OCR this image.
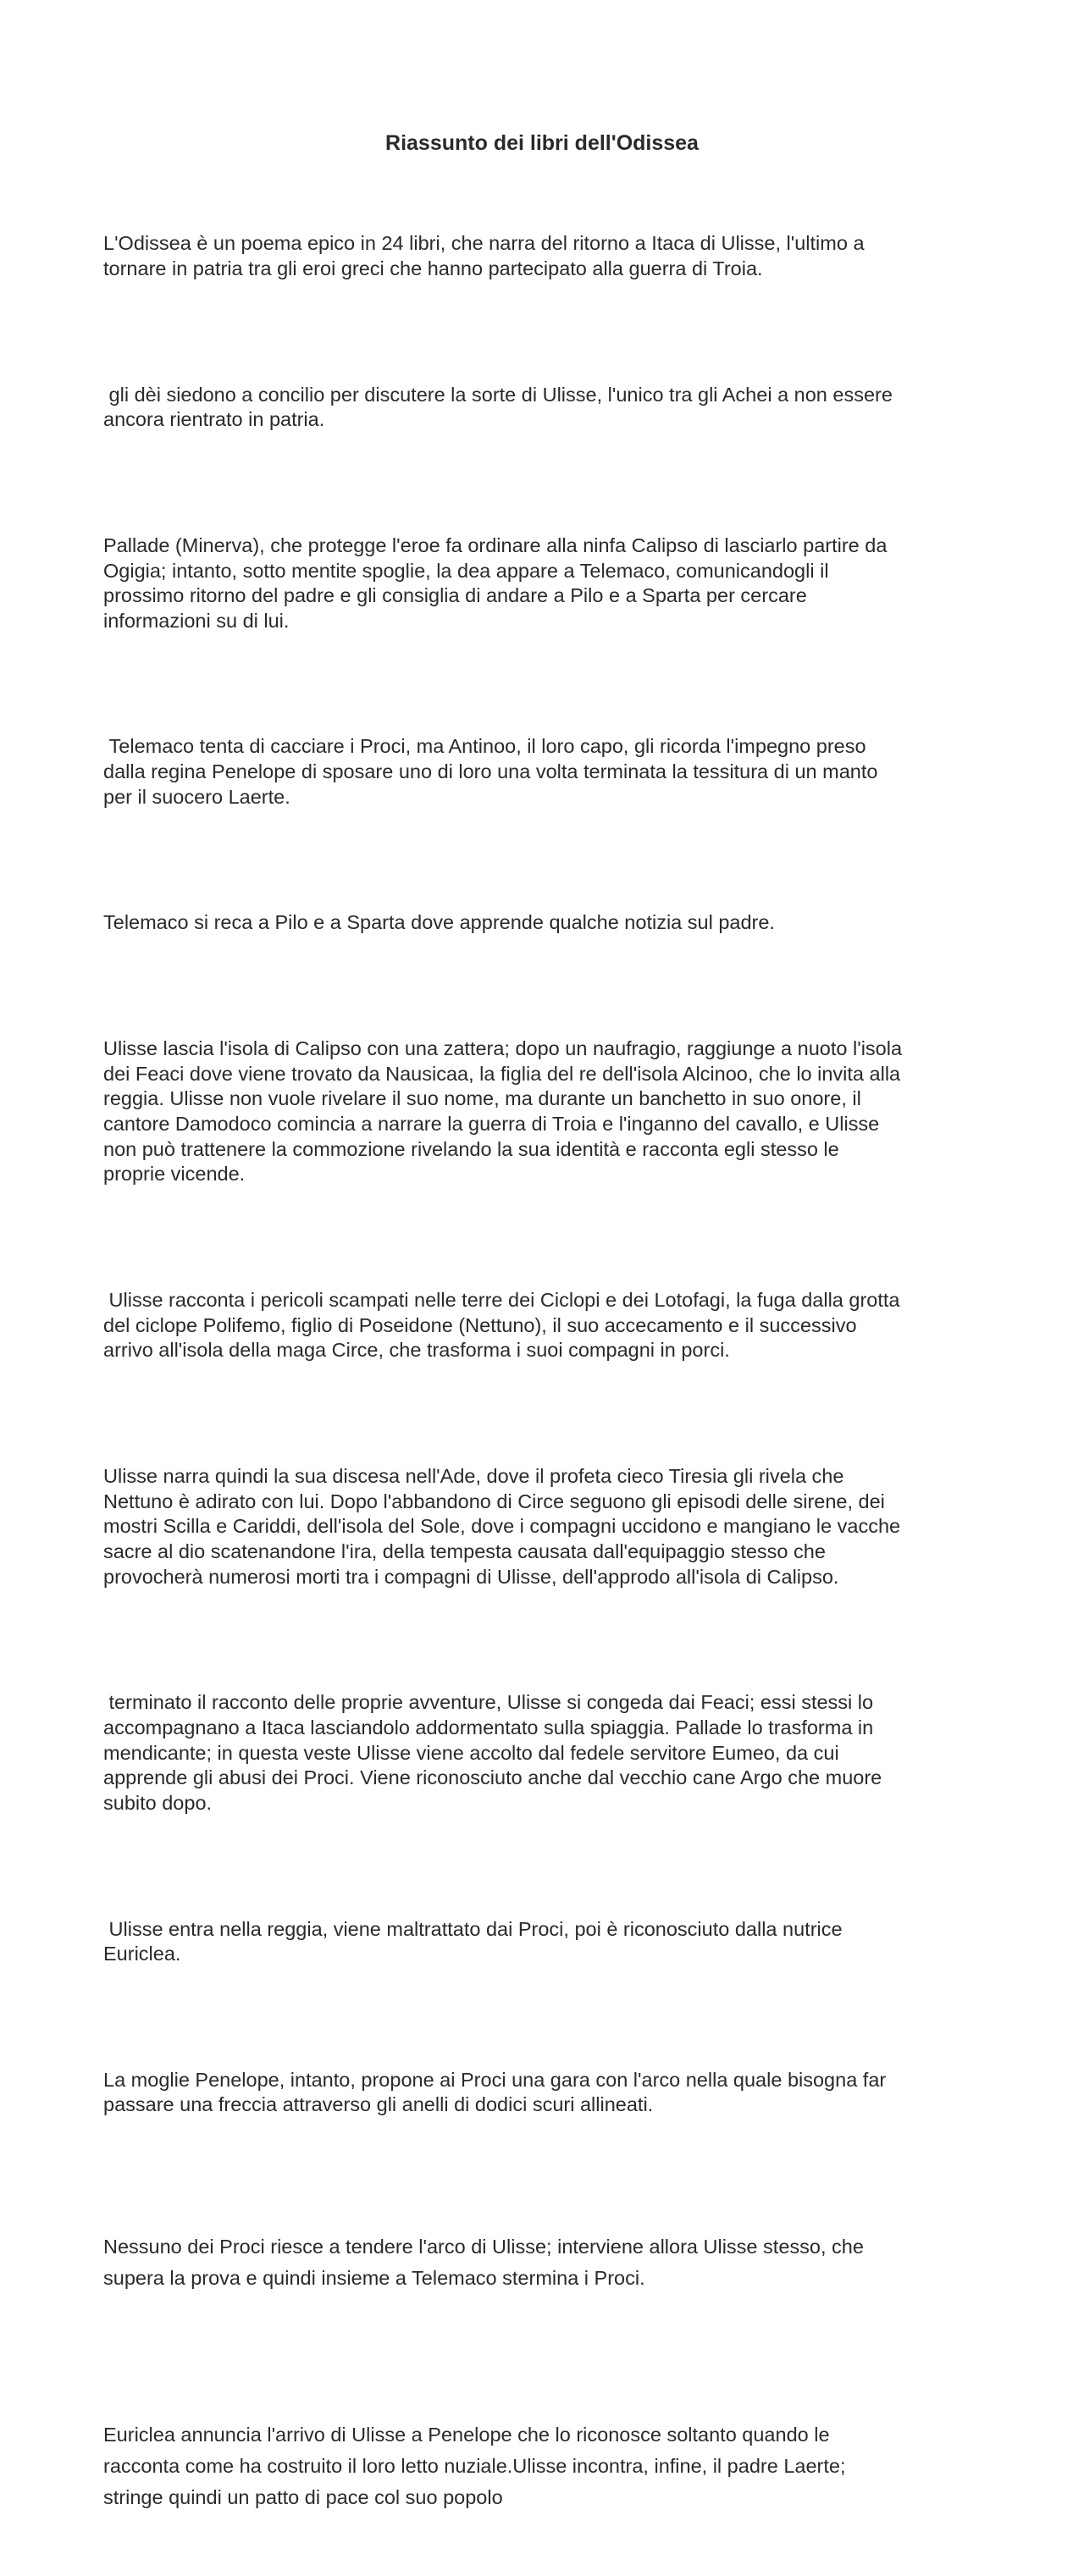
Riassunto dei libri dell'Odissea

L'Odissea è un poema epico in 24 libri, che narra del ritorno a Itaca di Ulisse, l'ultimo a
tornare in patria tra gli eroi greci che hanno partecipato alla guerra di Troia.

gli dèi siedono a concilio per discutere la sorte di Ulisse, l'unico tra gli Achei a non essere
ancora rientrato in patria.

Pallade (Minerva), che protegge l'eroe fa ordinare alla ninfa Calipso di lasciarlo partire da
Ogigia; intanto, sotto mentite spoglie, la dea appare a Telemaco, comunicandogli il
prossimo ritorno del padre e gli consiglia di andare a Pilo e a Sparta per cercare
informazioni su di lui.

Telemaco tenta di cacciare i Proci, ma Antinoo, il loro capo, gli ricorda l'impegno preso
dalla regina Penelope di sposare uno di loro una volta terminata la tessitura di un manto
per il suocero Laerte.

Telemaco si reca a Pilo e a Sparta dove apprende qualche notizia sul padre.

Ulisse lascia l'isola di Calipso con una zattera; dopo un naufragio, raggiunge a nuoto l'isola
dei Feaci dove viene trovato da Nausicaa, la figlia del re dell'isola Alcinoo, che lo invita alla
reggia. Ulisse non vuole rivelare il suo nome, ma durante un banchetto in suo onore, il
cantore Damodoco comincia a narrare la guerra di Troia e l'inganno del cavallo, e Ulisse
non può trattenere la commozione rivelando la sua identità e racconta egli stesso le
proprie vicende.

Ulisse racconta i pericoli scampati nelle terre dei Ciclopi e dei Lotofagi, la fuga dalla grotta
del ciclope Polifemo, figlio di Poseidone (Nettuno), il suo accecamento e il successivo
arrivo all'isola della maga Circe, che trasforma i suoi compagni in porci.

Ulisse narra quindi la sua discesa nell'Ade, dove il profeta cieco Tiresia gli rivela che
Nettuno è adirato con lui. Dopo l'abbandono di Circe seguono gli episodi delle sirene, dei
mostri Scilla e Cariddi, dell'isola del Sole, dove i compagni uccidono e mangiano le vacche
sacre al dio scatenandone l'ira, della tempesta causata dall'equipaggio stesso che
provocherà numerosi morti tra i compagni di Ulisse, dell'approdo all'isola di Calipso.

terminato il racconto delle proprie avventure, Ulisse si congeda dai Feaci; essi stessi lo
accompagnano a Itaca lasciandolo addormentato sulla spiaggia. Pallade lo trasforma in
mendicante; in questa veste Ulisse viene accolto dal fedele servitore Eumeo, da cui
apprende gli abusi dei Proci. Viene riconosciuto anche dal vecchio cane Argo che muore
subito dopo.

Ulisse entra nella reggia, viene maltrattato dai Proci, poi è riconosciuto dalla nutrice
Euriclea.

La moglie Penelope, intanto, propone ai Proci una gara con l'arco nella quale bisogna far
passare una freccia attraverso gli anelli di dodici scuri allineati.

Nessuno dei Proci riesce a tendere l'arco di Ulisse; interviene allora Ulisse stesso, che
supera la prova e quindi insieme a Telemaco stermina i Proci.

Euriclea annuncia l'arrivo di Ulisse a Penelope che lo riconosce soltanto quando le
racconta come ha costruito il loro letto nuziale.Ulisse incontra, infine, il padre Laerte;
stringe quindi un patto di pace col suo popolo
